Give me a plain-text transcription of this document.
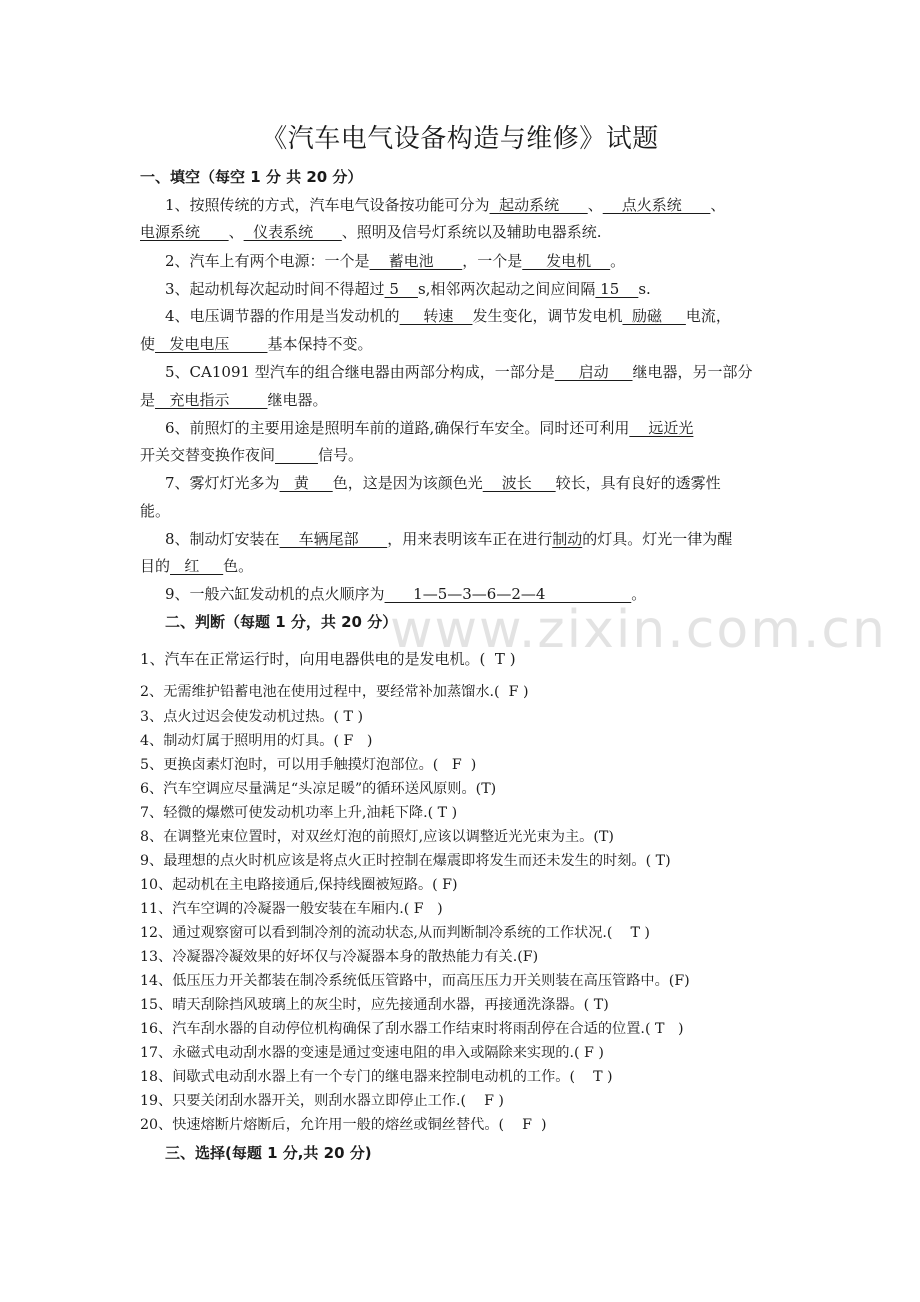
www.zixin.com.cn
《汽车电气设备构造与维修》试题
一、填空（每空 1 分 共 20 分）
1、按照传统的方式，汽车电气设备按功能可分为  起动系统      、    点火系统      、
电源系统      、  仪表系统      、照明及信号灯系统以及辅助电器系统.
2、汽车上有两个电源：一个是    蓄电池      ，一个是     发电机    。
3、起动机每次起动时间不得超过 5    s,相邻两次起动之间应间隔 15    s.
4、电压调节器的作用是当发动机的     转速    发生变化，调节发电机  励磁     电流，
使   发电电压        基本保持不变。
5、CA1091 型汽车的组合继电器由两部分构成，一部分是     启动     继电器，另一部分
是   充电指示        继电器。
6、前照灯的主要用途是照明车前的道路,确保行车安全。同时还可利用    远近光
开关交替变换作夜间	信号。
7、雾灯灯光多为   黄     色，这是因为该颜色光    波长     较长，具有良好的透雾性
能。
8、制动灯安装在    车辆尾部      ，用来表明该车正在进行制动的灯具。灯光一律为醒
目的   红     色。
9、一般六缸发动机的点火顺序为      1—5—3—6—2—4                  。
二、判断（每题 1 分，共 20 分）
1、汽车在正常运行时，向用电器供电的是发电机。(  T )
2、无需维护铅蓄电池在使用过程中，要经常补加蒸馏水.(  F )
3、点火过迟会使发动机过热。( T )
4、制动灯属于照明用的灯具。( F   )
5、更换卤素灯泡时，可以用手触摸灯泡部位。(   F  )
6、汽车空调应尽量满足“头凉足暖”的循环送风原则。(T)
7、轻微的爆燃可使发动机功率上升,油耗下降.( T )
8、在调整光束位置时，对双丝灯泡的前照灯,应该以调整近光光束为主。(T)
9、最理想的点火时机应该是将点火正时控制在爆震即将发生而还未发生的时刻。( T)
10、起动机在主电路接通后,保持线圈被短路。( F)
11、汽车空调的冷凝器一般安装在车厢内.( F   )
12、通过观察窗可以看到制冷剂的流动状态,从而判断制冷系统的工作状况.(    T )
13、冷凝器冷凝效果的好坏仅与冷凝器本身的散热能力有关.(F)
14、低压压力开关都装在制冷系统低压管路中，而高压压力开关则装在高压管路中。(F)
15、晴天刮除挡风玻璃上的灰尘时，应先接通刮水器，再接通洗涤器。( T)
16、汽车刮水器的自动停位机构确保了刮水器工作结束时将雨刮停在合适的位置.( T   )
17、永磁式电动刮水器的变速是通过变速电阻的串入或隔除来实现的.( F )
18、间歇式电动刮水器上有一个专门的继电器来控制电动机的工作。(    T )
19、只要关闭刮水器开关，则刮水器立即停止工作.(    F )
20、快速熔断片熔断后，允许用一般的熔丝或铜丝替代。(    F  )
三、选择(每题 1 分,共 20 分)
